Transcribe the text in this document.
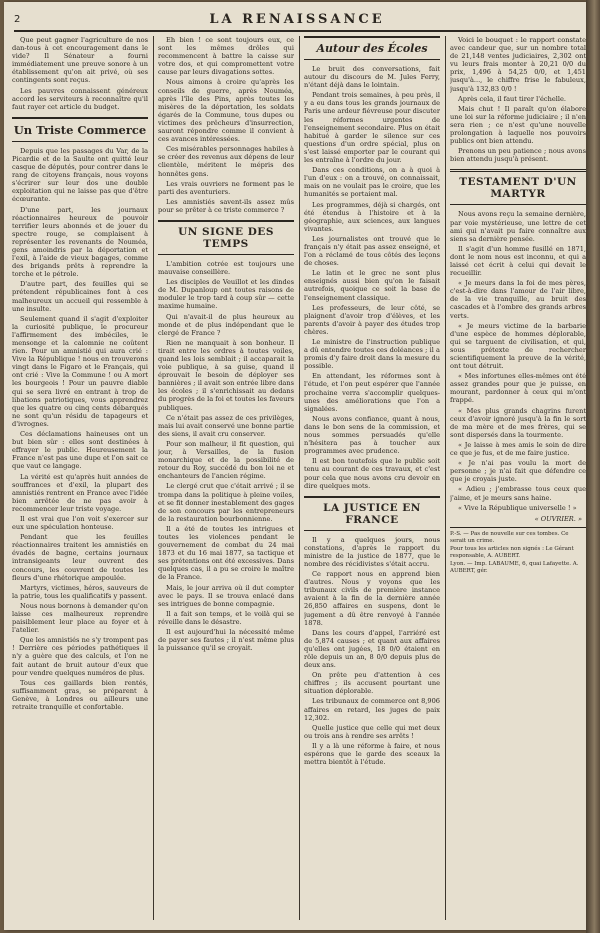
2	LA RENAISSANCE

Que peut gagner l'agriculture de nos dan-tous à cet encouragement dans le vide? Il Sénateur a fourni immédiatement une preuve sonore à un établissement qu'on ait privé, où ses contingents sont reçus.

Les pauvres connaissent généreux accord les serviteurs à reconnaître qu'il faut rayer cet article du budget.

Un Triste Commerce

Depuis que les passages du Var, de la Picardie et de la Saulte ont quitté leur casque de députés, pour contrer dans le rang de citoyens français, nous voyons s'écrirer sur leur dos une double exploitation qui ne laisse pas que d'être écœurante.

D'une part, les journaux réactionnaires heureux de pouvoir terrifier leurs abonnés et de jouer du spectre rouge, se complaisent à représenter les revenants de Nouméa, gens amoindris par la déportation et l'exil, à l'aide de vieux bagages, comme des brigands prêts à reprendre la torche et le pétrole.

D'autre part, des feuilles qui se prétendent républicaines font à ces malheureux un accueil qui ressemble à une insulte.

Seulement quand il s'agit d'exploiter la curiosité publique, le procureur l'affirmement des imbéciles, le mensonge et la calomnie ne coûtent rien. Pour un amnistié qui aura crié : Vive la République ! nous en trouverons vingt dans le Figaro et le Français, qui ont crié : Vive la Commune ! ou A mort les bourgeois ! Pour un pauvre diable qui se sera livré en entrant à trop de libations patriotiques, vous apprendrez que les quatre ou cinq cents débarqués ne sont qu'un résidu de tapageurs et d'ivrognes.

Ces déclamations haineuses ont un but bien sûr : elles sont destinées à effrayer le public. Heureusement la France n'est pas une dupe et l'on sait ce que vaut ce langage.

La vérité est qu'après huit années de souffrances et d'exil, la plupart des amnistiés rentrent en France avec l'idée bien arrêtée de ne pas avoir à recommencer leur triste voyage.

Il est vrai que l'on voit s'exercer sur eux une spéculation honteuse.

Pendant que les feuilles réactionnaires traitent les amnistiés en évadés de bagne, certains journaux intransigeants leur ouvrent des concours, les couvrent de toutes les fleurs d'une rhétorique ampoulée.

Martyrs, victimes, héros, sauveurs de la patrie, tous les qualificatifs y passent.

Nous nous bornons à demander qu'on laisse ces malheureux reprendre paisiblement leur place au foyer et à l'atelier.

Que les amnistiés ne s'y trompent pas ! Derrière ces périodes pathétiques il n'y a guère que des calculs, et l'on ne fait autant de bruit autour d'eux que pour vendre quelques numéros de plus.

Tous ces gaillards bien rentés, suffisamment gras, se préparent à Genève, à Londres ou ailleurs une retraite tranquille et confortable.

Eh bien ! ce sont toujours eux, ce sont les mêmes drôles qui recommencent à battre la caisse sur votre dos, et qui compromettent votre cause par leurs divagations sottes.

Nous aimons à croire qu'après les conseils de guerre, après Nouméa, après l'île des Pins, après toutes les misères de la déportation, les soldats égarés de la Commune, tous dupes ou victimes des prêcheurs d'insurrection, sauront répondre comme il convient à ces avances intéressées.

Ces misérables personnages habiles à se créer des revenus aux dépens de leur clientèle, méritent le mépris des honnêtes gens.

Les vrais ouvriers ne forment pas le parti des aventuriers.

Les amnistiés savent-ils assez mûs pour se prêter à ce triste commerce ?

UN SIGNE DES TEMPS

L'ambition cotrée est toujours une mauvaise conseillère.

Les disciples de Veuillot et les dindes de M. Dupanloup ont toutes raisons de moduler le trop tard à coup sûr — cette maxime humaine.

Qui n'avait-il de plus heureux au monde et de plus indépendant que le clergé de France ?

Rien ne manquait à son bonheur. Il tirait entre les ordres à toutes voiles, quand les lois semblait ; il accaparait la voie publique, à sa guise, quand il éprouvait le besoin de déployer ses bannières ; il avait son entrée libre dans les écoles ; il s'enrichissait au dedans du progrès de la foi et toutes les faveurs publiques.

Ce n'était pas assez de ces privilèges, mais lui avait conservé une bonne partie des siens, il avait cru conserver.

Pour son malheur, il fit question, qui jour, à Versailles, de la fusion monarchique et de la possibilité de retour du Roy, succédé du bon loi ne et enchanteurs de l'ancien régime.

Le clergé crut que c'était arrivé ; il se trompa dans la politique à pleine voiles, et se fit donner inestablement des gages de son concours par les entrepreneurs de la restauration bourbonnienne.

Il a été de toutes les intrigues et toutes les violences pendant le gouvernement de combat du 24 mai 1873 et du 16 mai 1877, sa tactique et ses prétentions ont été excessives. Dans quelques cas, il a pu se croire le maître de la France.

Mais, le jour arriva où il dut compter avec le pays. Il se trouva enlacé dans ses intrigues de bonne compagnie.

Il a fait son temps, et le voilà qui se réveille dans le désastre.

Il est aujourd'hui la nécessité même de payer ses fautes ; il n'est même plus la puissance qu'il se croyait.

Autour des Écoles

Le bruit des conversations, fait autour du discours de M. Jules Ferry, n'étant déjà dans le lointain.

Pendant trois semaines, à peu près, il y a eu dans tous les grands journaux de Paris une ardeur fiévreuse pour discuter les réformes urgentes de l'enseignement secondaire. Plus on était habitué à garder le silence sur ces questions d'un ordre spécial, plus on s'est laissé emporter par le courant qui les entraîne à l'ordre du jour.

Dans ces conditions, on a à quoi à l'un d'eux : on a trouvé, on connaissait, mais on ne voulait pas le croire, que les humanités se portaient mal.

Les programmes, déjà si chargés, ont été étendus à l'histoire et à la géographie, aux sciences, aux langues vivantes.

Les journalistes ont trouvé que le français n'y était pas assez enseigné, et l'on a réclamé de tous côtés des leçons de choses.

Le latin et le grec ne sont plus enseignés aussi bien qu'on le faisait autrefois, quoique ce soit la base de l'enseignement classique.

Les professeurs, de leur côté, se plaignent d'avoir trop d'élèves, et les parents d'avoir à payer des études trop chères.

Le ministre de l'instruction publique a dû entendre toutes ces doléances ; il a promis d'y faire droit dans la mesure du possible.

En attendant, les réformes sont à l'étude, et l'on peut espérer que l'année prochaine verra s'accomplir quelques-unes des améliorations que l'on a signalées.

Nous avons confiance, quant à nous, dans le bon sens de la commission, et nous sommes persuadés qu'elle n'hésitera pas à toucher aux programmes avec prudence.

Il est bon toutefois que le public soit tenu au courant de ces travaux, et c'est pour cela que nous avons cru devoir en dire quelques mots.

LA JUSTICE EN FRANCE

Il y a quelques jours, nous constations, d'après le rapport du ministre de la justice de 1877, que le nombre des récidivistes s'était accru.

Ce rapport nous en apprend bien d'autres. Nous y voyons que les tribunaux civils de première instance avaient à la fin de la dernière année 26,850 affaires en suspens, dont le jugement a dû être renvoyé à l'année 1878.

Dans les cours d'appel, l'arriéré est de 5,874 causes ; et quant aux affaires qu'elles ont jugées, 18 0/0 étaient en rôle depuis un an, 8 0/0 depuis plus de deux ans.

On prête peu d'attention à ces chiffres ; ils accusent pourtant une situation déplorable.

Les tribunaux de commerce ont 8,906 affaires en retard, les juges de paix 12,302.

Quelle justice que celle qui met deux ou trois ans à rendre ses arrêts !

Il y a là une réforme à faire, et nous espérons que le garde des sceaux la mettra bientôt à l'étude.

Voici le bouquet : le rapport constate avec candeur que, sur un nombre total de 21,148 ventes judiciaires, 2,302 ont vu leurs frais monter à 20,21 0/0 du prix, 1,496 à 54,25 0/0, et 1,451 jusqu'à..., le chiffre frise le fabuleux, jusqu'à 132,83 0/0 !

Après cela, il faut tirer l'échelle.

Mais chut ! Il paraît qu'on élabore une loi sur la réforme judiciaire ; il n'en sera rien ; ce n'est qu'une nouvelle prolongation à laquelle nos pouvoirs publics ont bien attendu.

Prenons un peu patience ; nous avons bien attendu jusqu'à présent.

TESTAMENT D'UN MARTYR

Nous avons reçu la semaine dernière, par voie mystérieuse, une lettre de cet ami qui n'avait pu faire connaître aux siens sa dernière pensée.

Il s'agit d'un homme fusillé en 1871, dont le nom nous est inconnu, et qui a laissé cet écrit à celui qui devait le recueillir.

« Je meurs dans la foi de mes pères, c'est-à-dire dans l'amour de l'air libre, de la vie tranquille, au bruit des cascades et à l'ombre des grands arbres verts.

« Je meurs victime de la barbarie d'une espèce de hommes déplorable, qui se targuent de civilisation, et qui, sous prétexte de rechercher scientifiquement la preuve de la vérité, ont tout détruit.

« Mes infortunes elles-mêmes ont été assez grandes pour que je puisse, en mourant, pardonner à ceux qui m'ont frappé.

« Mes plus grands chagrins furent ceux d'avoir ignoré jusqu'à la fin le sort de ma mère et de mes frères, qui se sont dispersés dans la tourmente.

« Je laisse à mes amis le soin de dire ce que je fus, et de me faire justice.

« Je n'ai pas voulu la mort de personne ; je n'ai fait que défendre ce que je croyais juste.

« Adieu ; j'embrasse tous ceux que j'aime, et je meurs sans haine.

« Vive la République universelle ! »

« OUVRIER. »
P.-S. — Pas de nouvelle sur ces tombes. Ce serait un crime.
Pour tous les articles non signés : Le Gérant responsable, A. AUBERT.
Lyon. — Imp. LABAUME, 6, quai Lafayette. A. AUBERT, gér.
